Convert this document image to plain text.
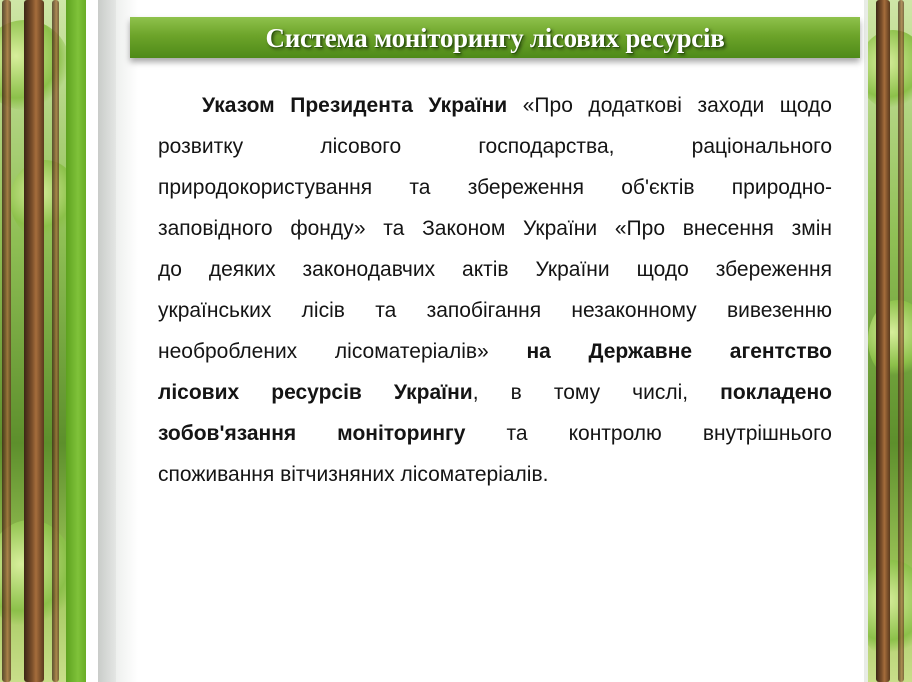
Система моніторингу лісових ресурсів
Указом Президента України «Про додаткові заходи щодо
розвитку лісового господарства, раціонального
природокористування та збереження об'єктів природно-
заповідного фонду» та Законом України «Про внесення змін
до деяких законодавчих актів України щодо збереження
українських лісів та запобігання незаконному вивезенню
необроблених лісоматеріалів» на Державне агентство
лісових ресурсів України, в тому числі, покладено
зобов'язання моніторингу та контролю внутрішнього
споживання вітчизняних лісоматеріалів.
